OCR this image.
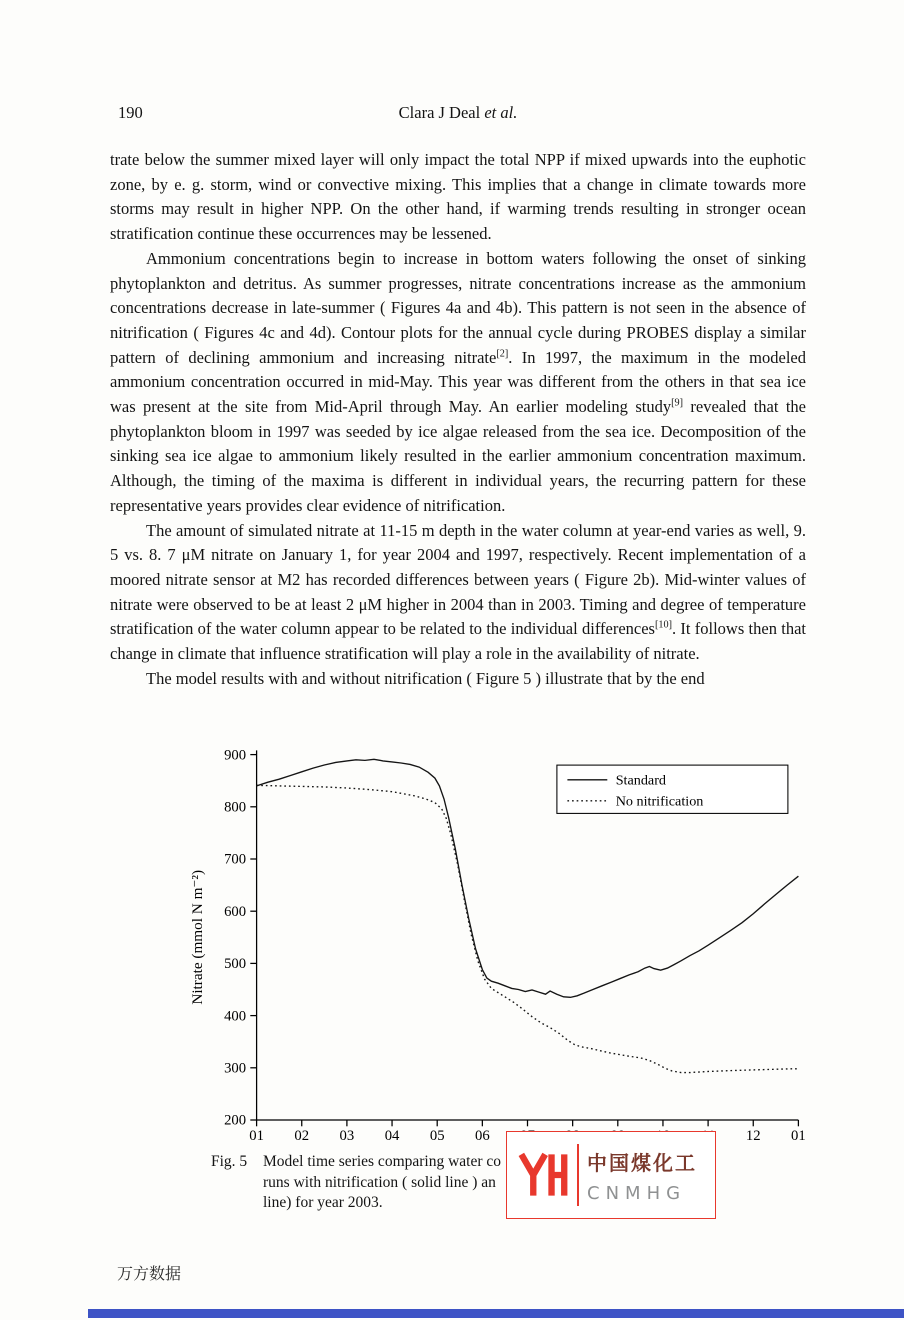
190	Clara J Deal et al.

trate below the summer mixed layer will only impact the total NPP if mixed upwards into the euphotic zone, by e. g. storm, wind or convective mixing. This implies that a change in climate towards more storms may result in higher NPP. On the other hand, if warming trends resulting in stronger ocean stratification continue these occurrences may be lessened.

Ammonium concentrations begin to increase in bottom waters following the onset of sinking phytoplankton and detritus. As summer progresses, nitrate concentrations increase as the ammonium concentrations decrease in late-summer ( Figures 4a and 4b). This pattern is not seen in the absence of nitrification ( Figures 4c and 4d). Contour plots for the annual cycle during PROBES display a similar pattern of declining ammonium and increasing nitrate[2]. In 1997, the maximum in the modeled ammonium concentration occurred in mid-May. This year was different from the others in that sea ice was present at the site from Mid-April through May. An earlier modeling study[9] revealed that the phytoplankton bloom in 1997 was seeded by ice algae released from the sea ice. Decomposition of the sinking sea ice algae to ammonium likely resulted in the earlier ammonium concentration maximum. Although, the timing of the maxima is different in individual years, the recurring pattern for these representative years provides clear evidence of nitrification.

The amount of simulated nitrate at 11-15 m depth in the water column at year-end varies as well, 9. 5 vs. 8. 7 μM nitrate on January 1, for year 2004 and 1997, respectively. Recent implementation of a moored nitrate sensor at M2 has recorded differences between years ( Figure 2b). Mid-winter values of nitrate were observed to be at least 2 μM higher in 2004 than in 2003. Timing and degree of temperature stratification of the water column appear to be related to the individual differences[10]. It follows then that change in climate that influence stratification will play a role in the availability of nitrate.

The model results with and without nitrification ( Figure 5 ) illustrate that by the end

200
300
400
500
600
700
800
900
01 02 03 04 05 06	12 01
Nitrate (mmol N m⁻²)
Standard
No nitrification
Fig. 5	Model time series comparing water co
runs with nitrification ( solid line ) an
line) for year 2003.
中国煤化工
CNMHG
万方数据
